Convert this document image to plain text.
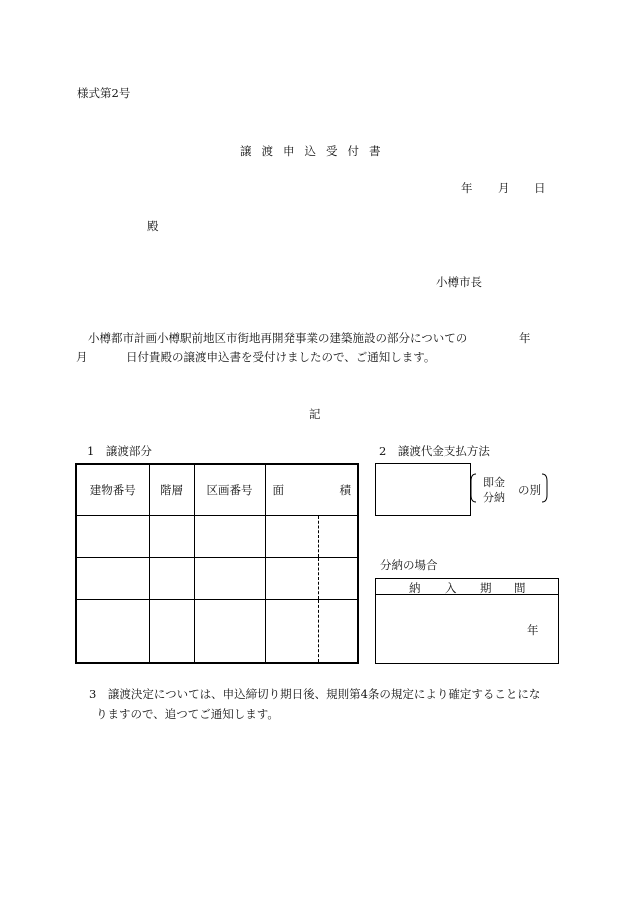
様式第2号
譲渡申込受付書
年 月 日
殿
小樽市長
小樽都市計画小樽駅前地区市街地再開発事業の建築施設の部分についての	年
月	日付貴殿の譲渡申込書を受付けましたので、ご通知します。
記
1　譲渡部分
建物番号	階層	区画番号	面 積

2　譲渡代金支払方法
即金
分納
の別
分納の場合
納 入 期 間
年
3　譲渡決定については、申込締切り期日後、規則第4条の規定により確定することにな
りますので、追つてご通知します。
